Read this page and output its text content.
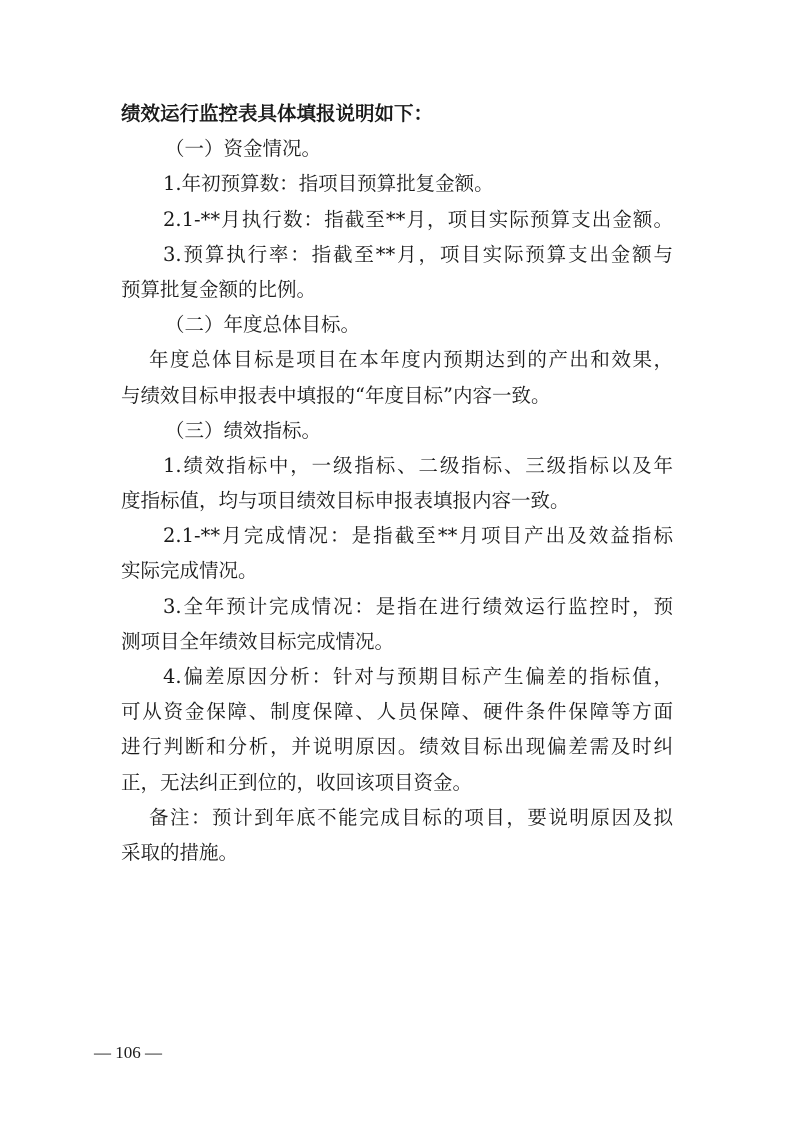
绩效运行监控表具体填报说明如下：
（一）资金情况。
1.年初预算数：指项目预算批复金额。
2.1-**月执行数：指截至**月，项目实际预算支出金额。
3.预算执行率：指截至**月，项目实际预算支出金额与
预算批复金额的比例。
（二）年度总体目标。
年度总体目标是项目在本年度内预期达到的产出和效果，
与绩效目标申报表中填报的“年度目标”内容一致。
（三）绩效指标。
1.绩效指标中，一级指标、二级指标、三级指标以及年
度指标值，均与项目绩效目标申报表填报内容一致。
2.1-**月完成情况：是指截至**月项目产出及效益指标
实际完成情况。
3.全年预计完成情况：是指在进行绩效运行监控时，预
测项目全年绩效目标完成情况。
4.偏差原因分析：针对与预期目标产生偏差的指标值，
可从资金保障、制度保障、人员保障、硬件条件保障等方面
进行判断和分析，并说明原因。绩效目标出现偏差需及时纠
正，无法纠正到位的，收回该项目资金。
备注：预计到年底不能完成目标的项目，要说明原因及拟
采取的措施。
— 106 —
